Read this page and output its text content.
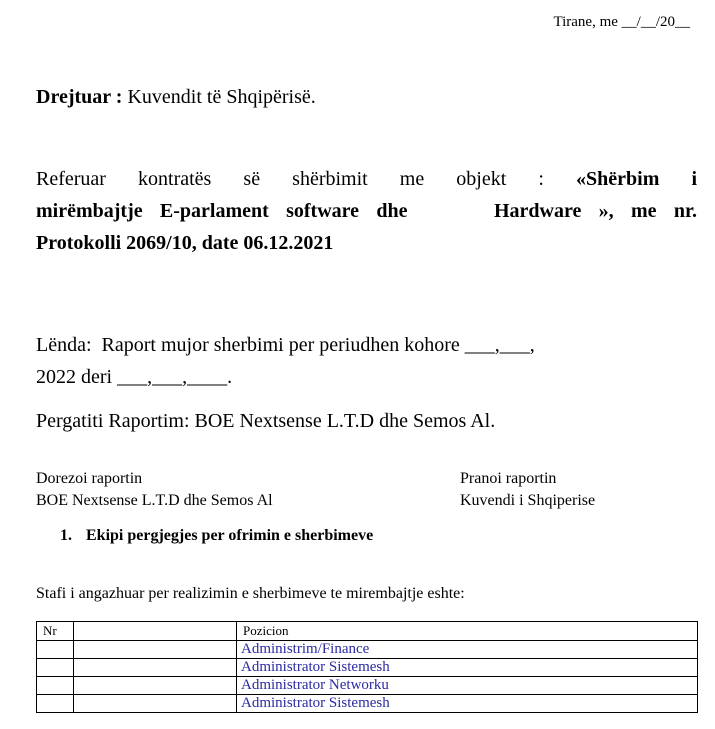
Tirane, me __/__/20__

Drejtuar : Kuvendit të Shqipërisë.

Referuar kontratës së shërbimit me objekt : «Shërbim i
mirëmbajtje E-parlament software dhe     Hardware », me nr.
Protokolli 2069/10, date 06.12.2021
Lënda:  Raport mujor sherbimi per periudhen kohore ___,___,
2022 deri ___,___,____.
Pergatiti Raportim: BOE Nextsense L.T.D dhe Semos Al.
Dorezoi raportin
BOE Nextsense L.T.D dhe Semos Al
Pranoi raportin
Kuvendi i Shqiperise
1. Ekipi pergjegjes per ofrimin e sherbimeve
Stafi i angazhuar per realizimin e sherbimeve te mirembajtje eshte:
Nr		Pozicion
		Administrim/Finance
		Administrator Sistemesh
		Administrator Networku
		Administrator Sistemesh
